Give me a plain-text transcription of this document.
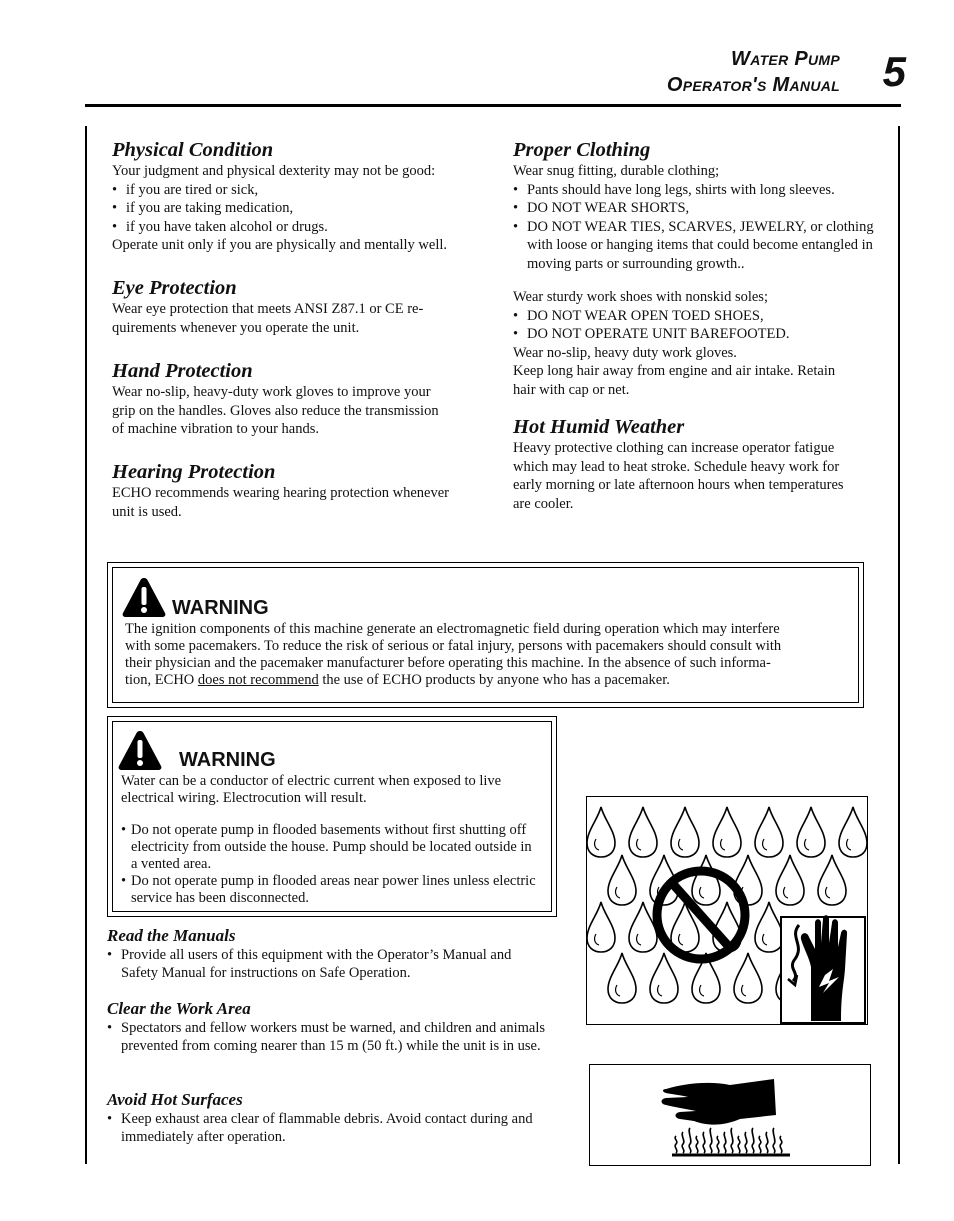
Water Pump
Operator's Manual 5
Physical Condition

Your judgment and physical dexterity may not be good:

• if you are tired or sick,
• if you are taking medication,
• if you have taken alcohol or drugs.

Operate unit only if you are physically and mentally well.

Eye Protection

Wear eye protection that meets ANSI Z87.1 or CE re-

quirements whenever you operate the unit.

Hand Protection

Wear no-slip, heavy-duty work gloves to improve your

grip on the handles. Gloves also reduce the transmission

of machine vibration to your hands.

Hearing Protection

ECHO recommends wearing hearing protection whenever

unit is used.

Proper Clothing

Wear snug fitting, durable clothing;

• Pants should have long legs, shirts with long sleeves.
• DO NOT WEAR SHORTS,
• DO NOT WEAR TIES, SCARVES, JEWELRY, or clothing with loose or hanging items that could become entangled in moving parts or surrounding growth..

Wear sturdy work shoes with nonskid soles;

• DO NOT WEAR OPEN TOED SHOES,
• DO NOT OPERATE UNIT BAREFOOTED.

Wear no-slip, heavy duty work gloves.

Keep long hair away from engine and air intake. Retain

hair with cap or net.

Hot Humid Weather

Heavy protective clothing can increase operator fatigue

which may lead to heat stroke. Schedule heavy work for

early morning or late afternoon hours when temperatures

are cooler.

WARNING
The ignition components of this machine generate an electromagnetic field during operation which may interfere
with some pacemakers. To reduce the risk of serious or fatal injury, persons with pacemakers should consult with
their physician and the pacemaker manufacturer before operating this machine. In the absence of such informa-
tion, ECHO does not recommend the use of ECHO products by anyone who has a pacemaker.
WARNING
Water can be a conductor of electric current when exposed to live
electrical wiring. Electrocution will result.
• Do not operate pump in flooded basements without first shutting off electricity from outside the house. Pump should be located outside in a vented area.
• Do not operate pump in flooded areas near power lines unless electric service has been disconnected.
Read the Manuals
• Provide all users of this equipment with the Operator’s Manual and Safety Manual for instructions on Safe Operation.
Clear the Work Area
• Spectators and fellow workers must be warned, and children and animals prevented from coming nearer than 15 m (50 ft.) while the unit is in use.
Avoid Hot Surfaces
• Keep exhaust area clear of flammable debris. Avoid contact during and immediately after operation.
